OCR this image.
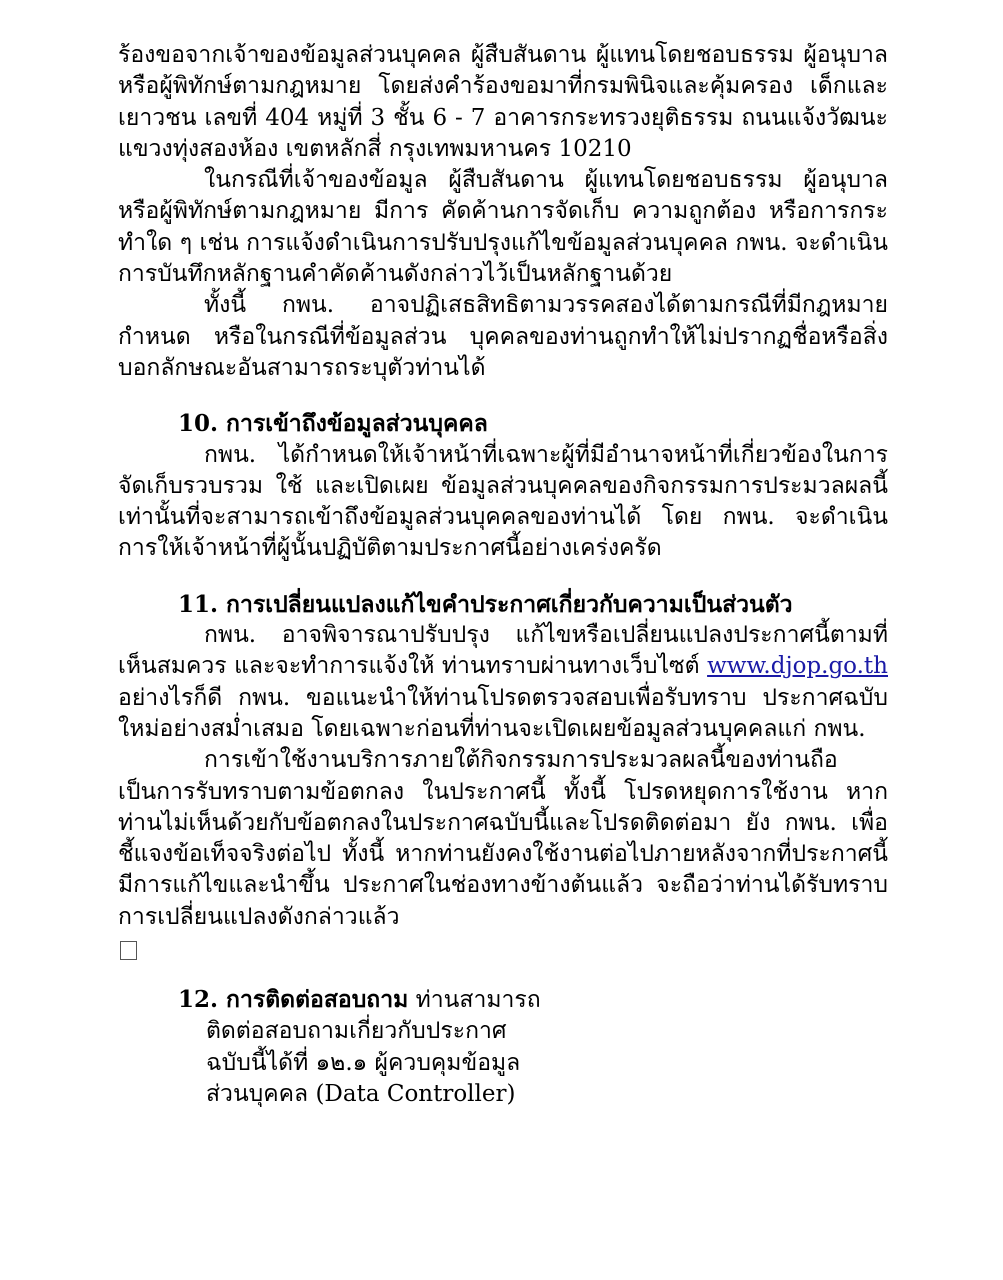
ร้องขอจากเจ้าของข้อมูลส่วนบุคคล ผู้สืบสันดาน ผู้แทนโดยชอบธรรม ผู้อนุบาลหรือผู้พิทักษ์ตามกฎหมาย โดยส่งคำร้องขอมาที่กรมพินิจและคุ้มครอง เด็กและเยาวชน เลขที่ 404 หมู่ที่ 3 ชั้น 6 - 7 อาคารกระทรวงยุติธรรม ถนนแจ้งวัฒนะ แขวงทุ่งสองห้อง เขตหลักสี่ กรุงเทพมหานคร 10210

ในกรณีที่เจ้าของข้อมูล ผู้สืบสันดาน ผู้แทนโดยชอบธรรม ผู้อนุบาลหรือผู้พิทักษ์ตามกฎหมาย มีการ คัดค้านการจัดเก็บ ความถูกต้อง หรือการกระทำใด ๆ เช่น การแจ้งดำเนินการปรับปรุงแก้ไขข้อมูลส่วนบุคคล กพน. จะดำเนินการบันทึกหลักฐานคำคัดค้านดังกล่าวไว้เป็นหลักฐานด้วย

ทั้งนี้ กพน. อาจปฏิเสธสิทธิตามวรรคสองได้ตามกรณีที่มีกฎหมายกำหนด หรือในกรณีที่ข้อมูลส่วน บุคคลของท่านถูกทำให้ไม่ปรากฏชื่อหรือสิ่งบอกลักษณะอันสามารถระบุตัวท่านได้

10. การเข้าถึงข้อมูลส่วนบุคคล

กพน. ได้กำหนดให้เจ้าหน้าที่เฉพาะผู้ที่มีอำนาจหน้าที่เกี่ยวข้องในการจัดเก็บรวบรวม ใช้ และเปิดเผย ข้อมูลส่วนบุคคลของกิจกรรมการประมวลผลนี้เท่านั้นที่จะสามารถเข้าถึงข้อมูลส่วนบุคคลของท่านได้ โดย กพน. จะดำเนินการให้เจ้าหน้าที่ผู้นั้นปฏิบัติตามประกาศนี้อย่างเคร่งครัด

11. การเปลี่ยนแปลงแก้ไขคำประกาศเกี่ยวกับความเป็นส่วนตัว

กพน. อาจพิจารณาปรับปรุง แก้ไขหรือเปลี่ยนแปลงประกาศนี้ตามที่เห็นสมควร และจะทำการแจ้งให้ ท่านทราบผ่านทางเว็บไซต์ www.djop.go.th อย่างไรก็ดี กพน. ขอแนะนำให้ท่านโปรดตรวจสอบเพื่อรับทราบ ประกาศฉบับใหม่อย่างสม่ำเสมอ โดยเฉพาะก่อนที่ท่านจะเปิดเผยข้อมูลส่วนบุคคลแก่ กพน.

การเข้าใช้งานบริการภายใต้กิจกรรมการประมวลผลนี้ของท่านถือเป็นการรับทราบตามข้อตกลง ในประกาศนี้ ทั้งนี้ โปรดหยุดการใช้งาน หากท่านไม่เห็นด้วยกับข้อตกลงในประกาศฉบับนี้และโปรดติดต่อมา ยัง กพน. เพื่อชี้แจงข้อเท็จจริงต่อไป ทั้งนี้ หากท่านยังคงใช้งานต่อไปภายหลังจากที่ประกาศนี้มีการแก้ไขและนำขึ้น ประกาศในช่องทางข้างต้นแล้ว จะถือว่าท่านได้รับทราบการเปลี่ยนแปลงดังกล่าวแล้ว

12. การติดต่อสอบถาม ท่านสามารถ
ติดต่อสอบถามเกี่ยวกับประกาศ
ฉบับนี้ได้ที่ ๑๒.๑ ผู้ควบคุมข้อมูล
ส่วนบุคคล (Data Controller)
